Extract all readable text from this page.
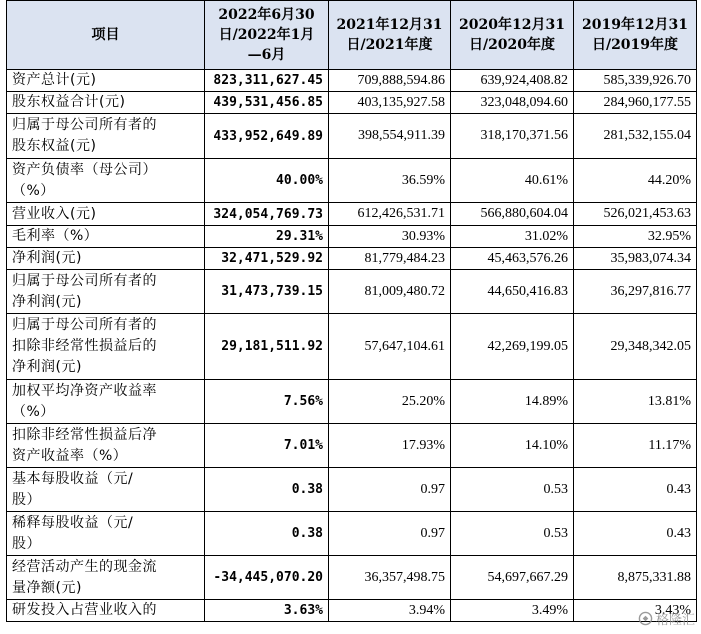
项目	2022年6月30
日/2022年1月
—6月	2021年12月31
日/2021年度	2020年12月31
日/2020年度	2019年12月31
日/2019年度
资产总计(元)	823,311,627.45	709,888,594.86	639,924,408.82	585,339,926.70
股东权益合计(元)	439,531,456.85	403,135,927.58	323,048,094.60	284,960,177.55
归属于母公司所有者的
股东权益(元)	433,952,649.89	398,554,911.39	318,170,371.56	281,532,155.04
资产负债率（母公司）
（%）	40.00%	36.59%	40.61%	44.20%
营业收入(元)	324,054,769.73	612,426,531.71	566,880,604.04	526,021,453.63
毛利率（%）	29.31%	30.93%	31.02%	32.95%
净利润(元)	32,471,529.92	81,779,484.23	45,463,576.26	35,983,074.34
归属于母公司所有者的
净利润(元)	31,473,739.15	81,009,480.72	44,650,416.83	36,297,816.77
归属于母公司所有者的
扣除非经常性损益后的
净利润(元)	29,181,511.92	57,647,104.61	42,269,199.05	29,348,342.05
加权平均净资产收益率
（%）	7.56%	25.20%	14.89%	13.81%
扣除非经常性损益后净
资产收益率（%）	7.01%	17.93%	14.10%	11.17%
基本每股收益（元/
股）	0.38	0.97	0.53	0.43
稀释每股收益（元/
股）	0.38	0.97	0.53	0.43
经营活动产生的现金流
量净额(元)	-34,445,070.20	36,357,498.75	54,697,667.29	8,875,331.88
研发投入占营业收入的	3.63%	3.94%	3.49%	3.43%
格隆汇
